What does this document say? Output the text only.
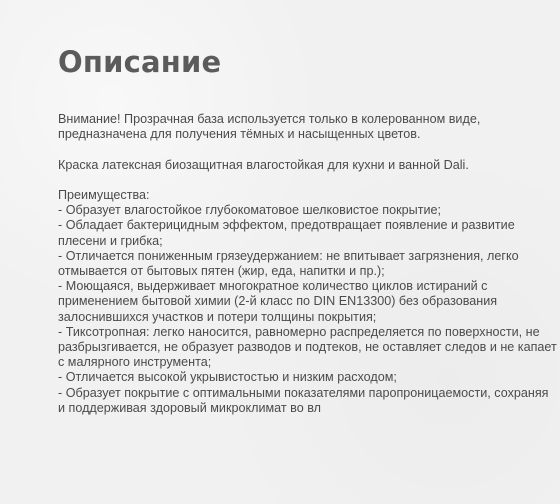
Описание

Внимание! Прозрачная база используется только в колерованном виде,
предназначена для получения тёмных и насыщенных цветов.

Краска латексная биозащитная влагостойкая для кухни и ванной Dali.

Преимущества:
- Образует влагостойкое глубокоматовое шелковистое покрытие;
- Обладает бактерицидным эффектом, предотвращает появление и развитие
плесени и грибка;
- Отличается пониженным грязеудержанием: не впитывает загрязнения, легко
отмывается от бытовых пятен (жир, еда, напитки и пр.);
- Моющаяся, выдерживает многократное количество циклов истираний с
применением бытовой химии (2-й класс по DIN EN13300) без образования
залоснившихся участков и потери толщины покрытия;
- Тиксотропная: легко наносится, равномерно распределяется по поверхности, не
разбрызгивается, не образует разводов и подтеков, не оставляет следов и не капает
с малярного инструмента;
- Отличается высокой укрывистостью и низким расходом;
- Образует покрытие с оптимальными показателями паропроницаемости, сохраняя
и поддерживая здоровый микроклимат во вл
